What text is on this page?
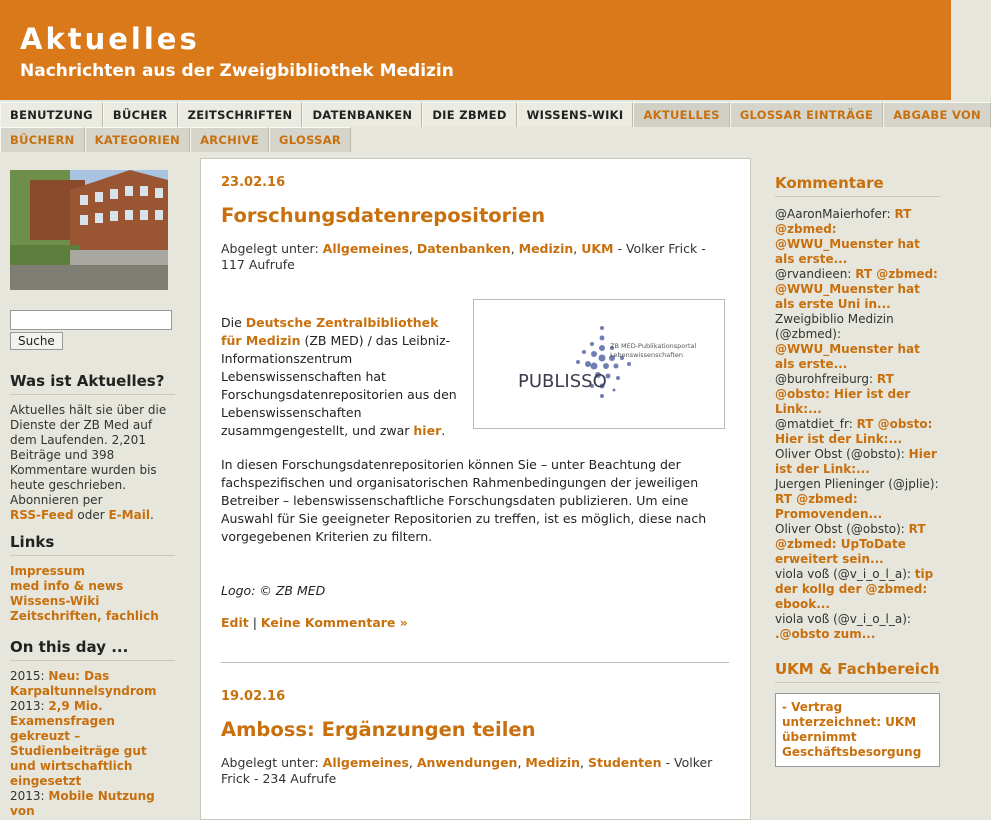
Aktuelles
Nachrichten aus der Zweigbibliothek Medizin
BENUTZUNG	BÜCHER	ZEITSCHRIFTEN	DATENBANKEN	DIE ZBMED	WISSENS-WIKI	AKTUELLES	GLOSSAR EINTRÄGE	ABGABE VON
BÜCHERN	KATEGORIEN	ARCHIVE	GLOSSAR
Suche
Was ist Aktuelles?

Aktuelles hält sie über die Dienste der ZB Med auf dem Laufenden. 2,201 Beiträge und 398 Kommentare wurden bis heute geschrieben. Abonnieren per
RSS-Feed oder E-Mail.

Links
Impressum
med info & news
Wissens-Wiki
Zeitschriften, fachlich
On this day ...
2015: Neu: Das Karpaltunnelsyndrom
2013: 2,9 Mio. Examensfragen gekreuzt – Studienbeiträge gut und wirtschaftlich eingesetzt
2013: Mobile Nutzung von
23.02.16
Forschungsdatenrepositorien
Abgelegt unter: Allgemeines, Datenbanken, Medizin, UKM - Volker Frick - 117 Aufrufe
PUBLISSO
ZB MED-Publikationsportal
Lebenswissenschaften

Die Deutsche Zentralbibliothek für Medizin (ZB MED) / das Leibniz-Informationszentrum Lebenswissenschaften hat Forschungsdatenrepositorien aus den Lebenswissenschaften zusammgengestellt, und zwar hier.

In diesen Forschungsdatenrepositorien können Sie – unter Beachtung der fachspezifischen und organisatorischen Rahmenbedingungen der jeweiligen Betreiber – lebenswissenschaftliche Forschungsdaten publizieren. Um eine Auswahl für Sie geeigneter Repositorien zu treffen, ist es möglich, diese nach vorgegebenen Kriterien zu filtern.

Logo: © ZB MED

Edit | Keine Kommentare »

19.02.16
Amboss: Ergänzungen teilen
Abgelegt unter: Allgemeines, Anwendungen, Medizin, Studenten - Volker Frick - 234 Aufrufe
Kommentare
@AaronMaierhofer: RT @zbmed: @WWU_Muenster hat als erste...
@rvandieen: RT @zbmed: @WWU_Muenster hat als erste Uni in...
Zweigbiblio Medizin (@zbmed): @WWU_Muenster hat als erste...
@burohfreiburg: RT @obsto: Hier ist der Link:...
@matdiet_fr: RT @obsto: Hier ist der Link:...
Oliver Obst (@obsto): Hier ist der Link:...
Juergen Plieninger (@jplie): RT @zbmed: Promovenden...
Oliver Obst (@obsto): RT @zbmed: UpToDate erweitert sein...
viola voß (@v_i_o_l_a): tip der kollg der @zbmed: ebook...
viola voß (@v_i_o_l_a): .@obsto zum...
UKM & Fachbereich
- Vertrag unterzeichnet: UKM übernimmt Geschäftsbesorgung
